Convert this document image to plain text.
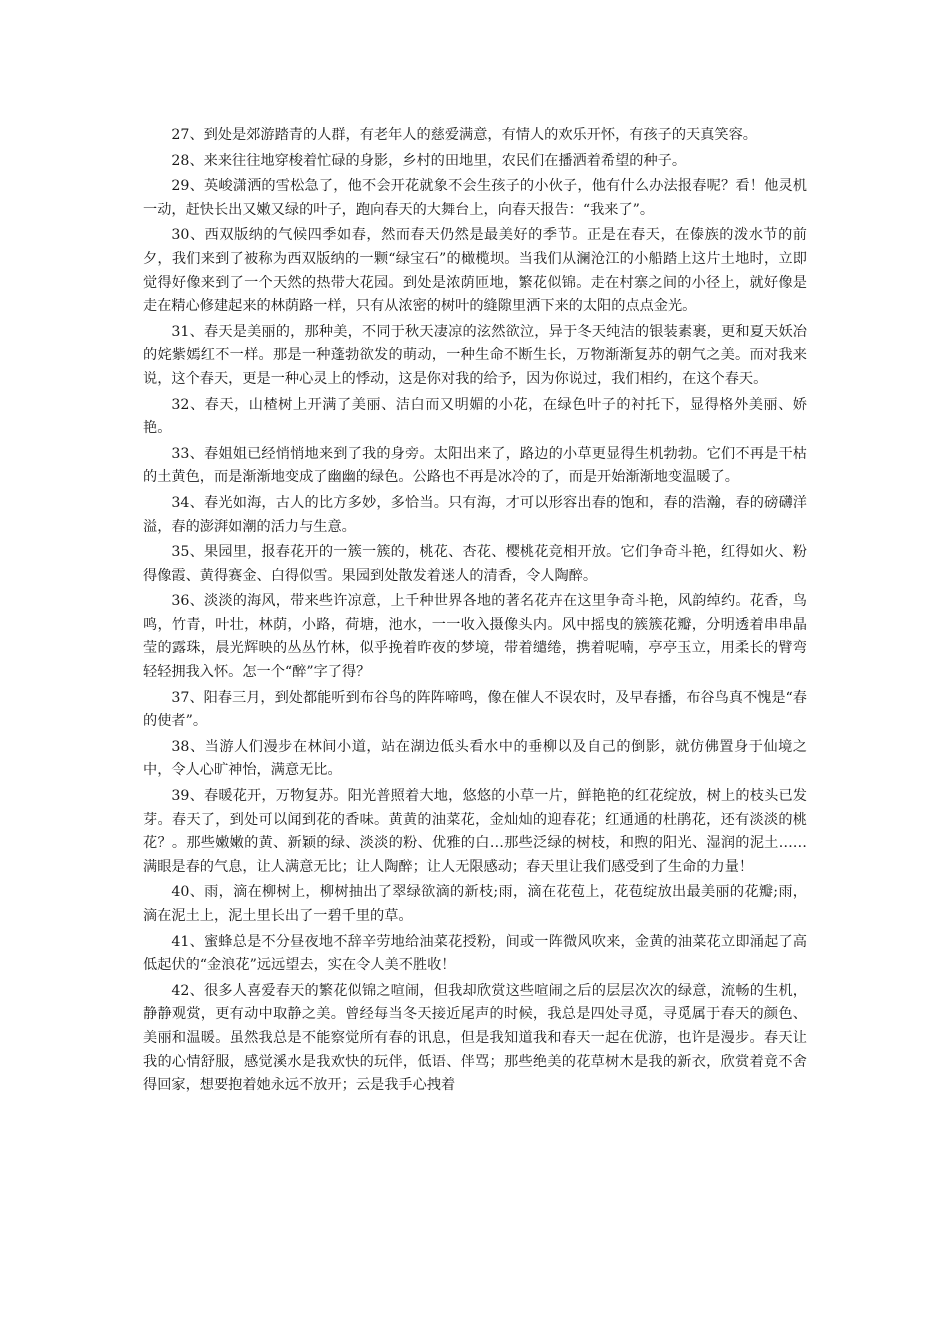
27、到处是郊游踏青的人群，有老年人的慈爱满意，有情人的欢乐开怀，有孩子的天真笑容。

28、来来往往地穿梭着忙碌的身影，乡村的田地里，农民们在播洒着希望的种子。

29、英峻潇洒的雪松急了，他不会开花就象不会生孩子的小伙子，他有什么办法报春呢？看！他灵机一动，赶快长出又嫩又绿的叶子，跑向春天的大舞台上，向春天报告：“我来了”。

30、西双版纳的气候四季如春，然而春天仍然是最美好的季节。正是在春天，在傣族的泼水节的前夕，我们来到了被称为西双版纳的一颗“绿宝石”的橄榄坝。当我们从澜沧江的小船踏上这片土地时，立即觉得好像来到了一个天然的热带大花园。到处是浓荫匝地，繁花似锦。走在村寨之间的小径上，就好像是走在精心修建起来的林荫路一样，只有从浓密的树叶的缝隙里洒下来的太阳的点点金光。

31、春天是美丽的，那种美，不同于秋天凄凉的泫然欲泣，异于冬天纯洁的银装素裹，更和夏天妖冶的姹紫嫣红不一样。那是一种蓬勃欲发的萌动，一种生命不断生长，万物渐渐复苏的朝气之美。而对我来说，这个春天，更是一种心灵上的悸动，这是你对我的给予，因为你说过，我们相约，在这个春天。

32、春天，山楂树上开满了美丽、洁白而又明媚的小花，在绿色叶子的衬托下，显得格外美丽、娇艳。

33、春姐姐已经悄悄地来到了我的身旁。太阳出来了，路边的小草更显得生机勃勃。它们不再是干枯的土黄色，而是渐渐地变成了幽幽的绿色。公路也不再是冰冷的了，而是开始渐渐地变温暖了。

34、春光如海，古人的比方多妙，多恰当。只有海，才可以形容出春的饱和，春的浩瀚，春的磅礴洋溢，春的澎湃如潮的活力与生意。

35、果园里，报春花开的一簇一簇的，桃花、杏花、樱桃花竞相开放。它们争奇斗艳，红得如火、粉得像霞、黄得赛金、白得似雪。果园到处散发着迷人的清香，令人陶醉。

36、淡淡的海风，带来些许凉意，上千种世界各地的著名花卉在这里争奇斗艳，风韵绰约。花香，鸟鸣，竹青，叶壮，林荫，小路，荷塘，池水，一一收入摄像头内。风中摇曳的簇簇花瓣，分明透着串串晶莹的露珠，晨光辉映的丛丛竹林，似乎挽着昨夜的梦境，带着缱绻，携着呢喃，亭亭玉立，用柔长的臂弯轻轻拥我入怀。怎一个“醉”字了得？

37、阳春三月，到处都能听到布谷鸟的阵阵啼鸣，像在催人不误农时，及早春播，布谷鸟真不愧是“春的使者”。

38、当游人们漫步在林间小道，站在湖边低头看水中的垂柳以及自己的倒影，就仿佛置身于仙境之中，令人心旷神怡，满意无比。

39、春暖花开，万物复苏。阳光普照着大地，悠悠的小草一片，鲜艳艳的红花绽放，树上的枝头已发芽。春天了，到处可以闻到花的香味。黄黄的油菜花，金灿灿的迎春花；红通通的杜鹃花，还有淡淡的桃花？。那些嫩嫩的黄、新颖的绿、淡淡的粉、优雅的白…那些泛绿的树枝，和煦的阳光、湿润的泥土……满眼是春的气息，让人满意无比；让人陶醉；让人无限感动；春天里让我们感受到了生命的力量！

40、雨，滴在柳树上，柳树抽出了翠绿欲滴的新枝;雨，滴在花苞上，花苞绽放出最美丽的花瓣;雨，滴在泥土上，泥土里长出了一碧千里的草。

41、蜜蜂总是不分昼夜地不辞辛劳地给油菜花授粉，间或一阵微风吹来，金黄的油菜花立即涌起了高低起伏的“金浪花”远远望去，实在令人美不胜收！

42、很多人喜爱春天的繁花似锦之喧闹，但我却欣赏这些喧闹之后的层层次次的绿意，流畅的生机，静静观赏，更有动中取静之美。曾经每当冬天接近尾声的时候，我总是四处寻觅，寻觅属于春天的颜色、美丽和温暖。虽然我总是不能察觉所有春的讯息，但是我知道我和春天一起在优游，也许是漫步。春天让我的心情舒服，感觉溪水是我欢快的玩伴，低语、伴骂；那些绝美的花草树木是我的新衣，欣赏着竟不舍得回家，想要抱着她永远不放开；云是我手心拽着
